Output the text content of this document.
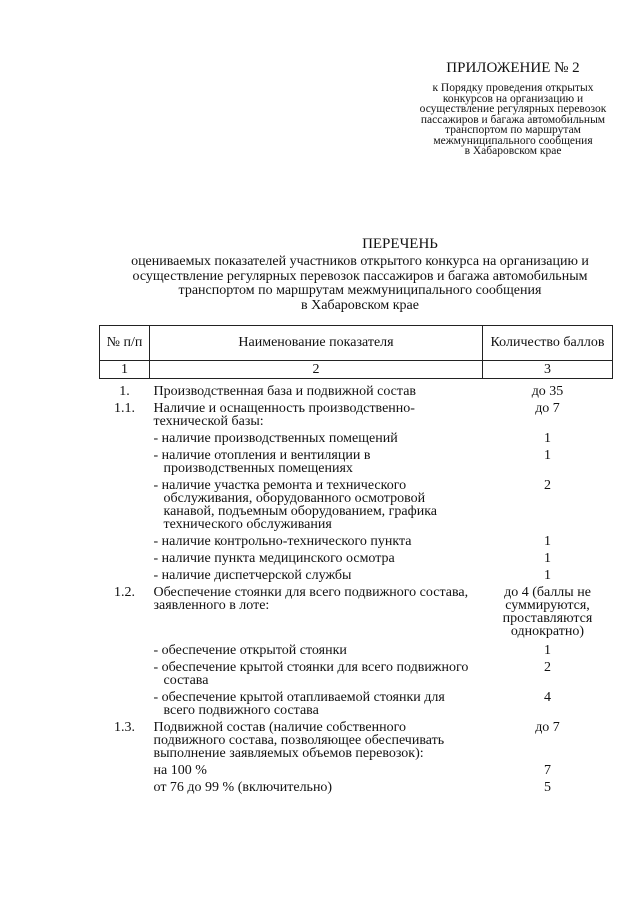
ПРИЛОЖЕНИЕ № 2
к Порядку проведения открытых
конкурсов на организацию и
осуществление регулярных перевозок
пассажиров и багажа автомобильным
транспортом по маршрутам
межмуниципального сообщения
в Хабаровском крае
ПЕРЕЧЕНЬ
оцениваемых показателей участников открытого конкурса на организацию и
осуществление регулярных перевозок пассажиров и багажа автомобильным
транспортом по маршрутам межмуниципального сообщения
в Хабаровском крае
№ п/п	Наименование показателя	Количество баллов
1	2	3
1.	Производственная база и подвижной состав	до 35
1.1.	Наличие и оснащенность производственно-технической базы:	до 7

	- наличие производственных помещений	1

	- наличие отопления и вентиляции в производственных помещениях	1

	- наличие участка ремонта и технического обслуживания, оборудованного осмотровой канавой, подъемным оборудованием, графика технического обслуживания	2

	- наличие контрольно-технического пункта	1

	- наличие пункта медицинского осмотра	1

	- наличие диспетчерской службы	1
1.2.	Обеспечение стоянки для всего подвижного состава, заявленного в лоте:	до 4 (баллы не суммируются, проставляются однократно)

	- обеспечение открытой стоянки	1

	- обеспечение крытой стоянки для всего подвижного состава	2

	- обеспечение крытой отапливаемой стоянки для всего подвижного состава	4
1.3.	Подвижной состав (наличие собственного подвижного состава, позволяющее обеспечивать выполнение заявляемых объемов перевозок):	до 7
	на 100 %	7
	от 76 до 99 % (включительно)	5
